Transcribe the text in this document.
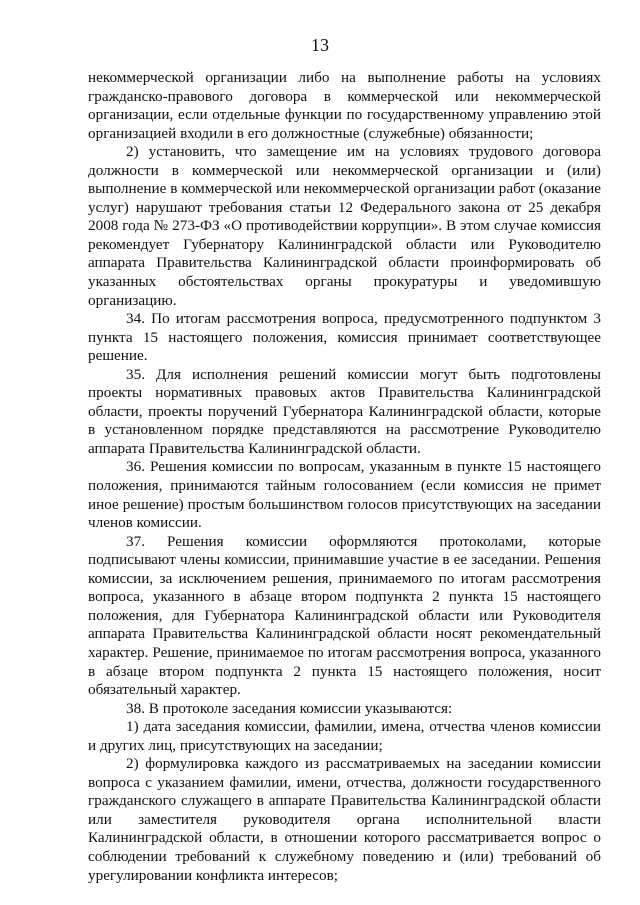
13

некоммерческой организации либо на выполнение работы на условиях гражданско-правового договора в коммерческой или некоммерческой организации, если отдельные функции по государственному управлению этой организацией входили в его должностные (служебные) обязанности;

2) установить, что замещение им на условиях трудового договора должности в коммерческой или некоммерческой организации и (или) выполнение в коммерческой или некоммерческой организации работ (оказание услуг) нарушают требования статьи 12 Федерального закона от 25 декабря 2008 года № 273-ФЗ «О противодействии коррупции». В этом случае комиссия рекомендует Губернатору Калининградской области или Руководителю аппарата Правительства Калининградской области проинформировать об указанных обстоятельствах органы прокуратуры и уведомившую организацию.

34. По итогам рассмотрения вопроса, предусмотренного подпунктом 3 пункта 15 настоящего положения, комиссия принимает соответствующее решение.

35. Для исполнения решений комиссии могут быть подготовлены проекты нормативных правовых актов Правительства Калининградской области, проекты поручений Губернатора Калининградской области, которые в установленном порядке представляются на рассмотрение Руководителю аппарата Правительства Калининградской области.

36. Решения комиссии по вопросам, указанным в пункте 15 настоящего положения, принимаются тайным голосованием (если комиссия не примет иное решение) простым большинством голосов присутствующих на заседании членов комиссии.

37. Решения комиссии оформляются протоколами, которые подписывают члены комиссии, принимавшие участие в ее заседании. Решения комиссии, за исключением решения, принимаемого по итогам рассмотрения вопроса, указанного в абзаце втором подпункта 2 пункта 15 настоящего положения, для Губернатора Калининградской области или Руководителя аппарата Правительства Калининградской области носят рекомендательный характер. Решение, принимаемое по итогам рассмотрения вопроса, указанного в абзаце втором подпункта 2 пункта 15 настоящего положения, носит обязательный характер.

38. В протоколе заседания комиссии указываются:

1) дата заседания комиссии, фамилии, имена, отчества членов комиссии и других лиц, присутствующих на заседании;

2) формулировка каждого из рассматриваемых на заседании комиссии вопроса с указанием фамилии, имени, отчества, должности государственного гражданского служащего в аппарате Правительства Калининградской области или заместителя руководителя органа исполнительной власти Калининградской области, в отношении которого рассматривается вопрос о соблюдении требований к служебному поведению и (или) требований об урегулировании конфликта интересов;
